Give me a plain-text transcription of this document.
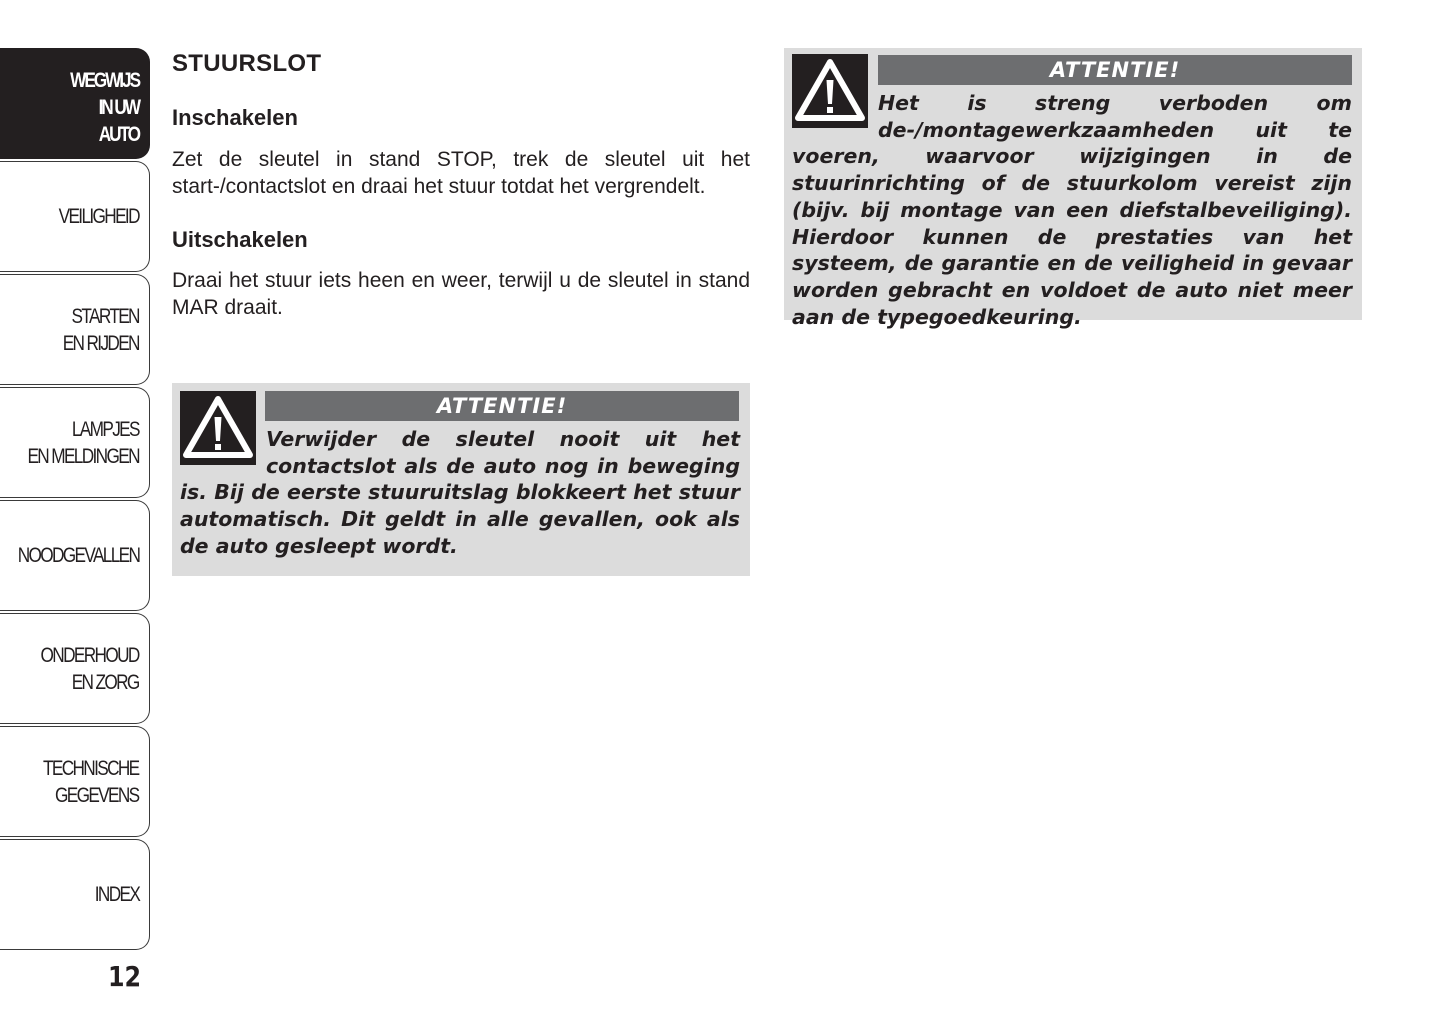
WEGWIJS
IN UW
AUTO
VEILIGHEID
STARTEN
EN RIJDEN
LAMPJES
EN MELDINGEN
NOODGEVALLEN
ONDERHOUD
EN ZORG
TECHNISCHE
GEGEVENS
INDEX
12
STUURSLOT
Inschakelen

Zet de sleutel in stand STOP, trek de sleutel uit het start-/contactslot en draai het stuur totdat het vergrendelt.

Uitschakelen

Draai het stuur iets heen en weer, terwijl u de sleutel in stand MAR draait.

ATTENTIE!

Verwijder de sleutel nooit uit het contactslot als de auto nog in beweging is. Bij de eerste stuuruitslag blokkeert het stuur automatisch. Dit geldt in alle gevallen, ook als de auto gesleept wordt.

ATTENTIE!

Het is streng verboden om de-/montagewerkzaamheden uit te voeren, waarvoor wijzigingen in de stuurinrichting of de stuurkolom vereist zijn (bijv. bij montage van een diefstalbeveiliging). Hierdoor kunnen de prestaties van het systeem, de garantie en de veiligheid in gevaar worden gebracht en voldoet de auto niet meer aan de typegoedkeuring.
